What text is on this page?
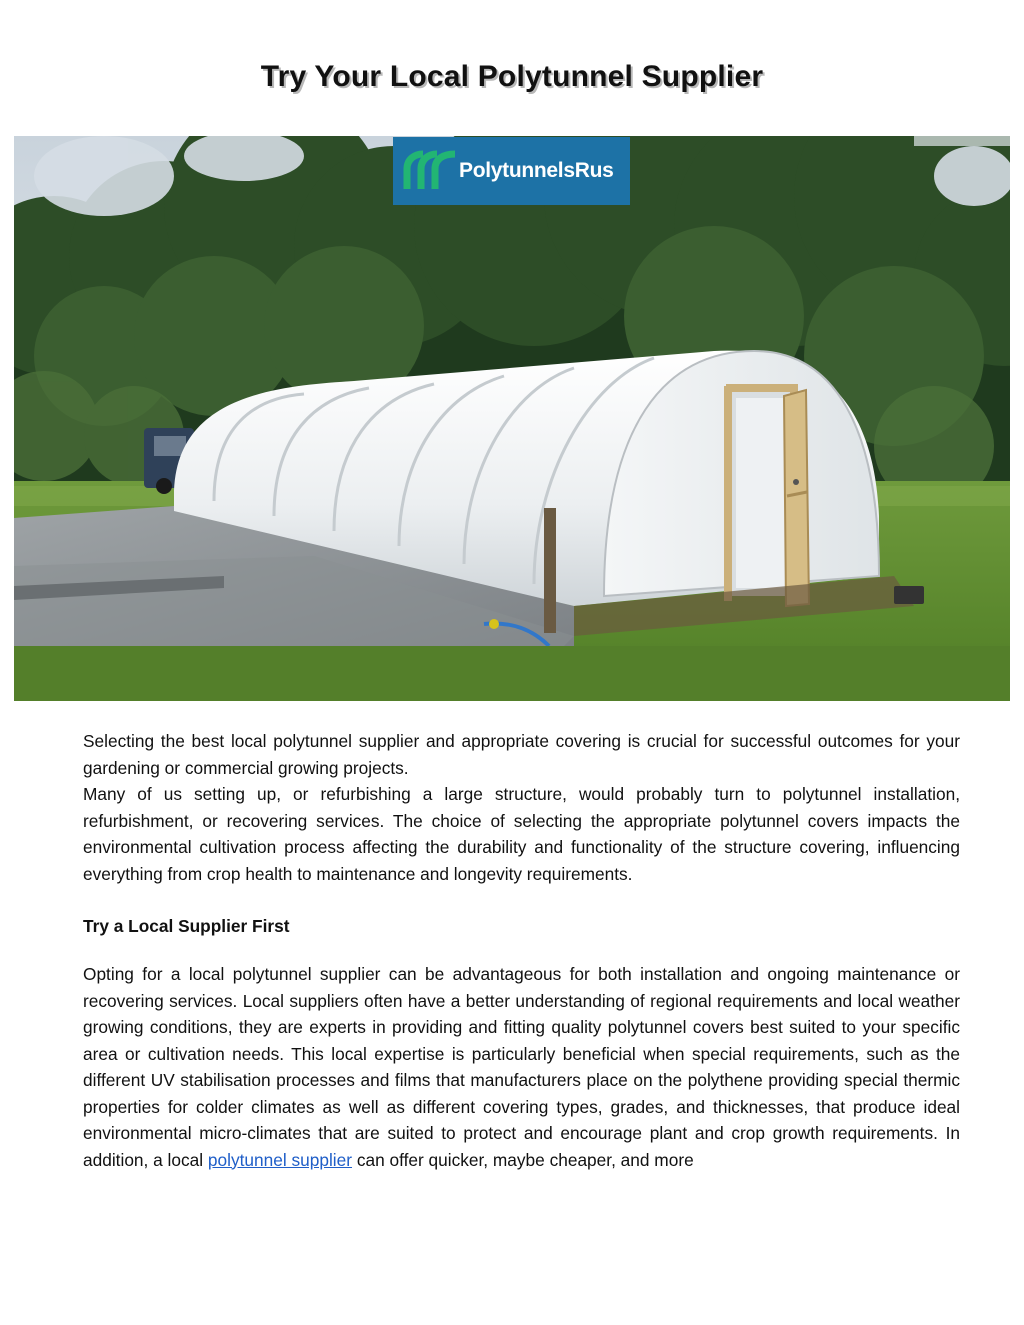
Try Your Local Polytunnel Supplier
PolytunnelsRus

Selecting the best local polytunnel supplier and appropriate covering is crucial for successful outcomes for your gardening or commercial growing projects.

Many of us setting up, or refurbishing a large structure, would probably turn to polytunnel installation, refurbishment, or recovering services. The choice of selecting the appropriate polytunnel covers impacts the environmental cultivation process affecting the durability and functionality of the structure covering, influencing everything from crop health to maintenance and longevity requirements.

Try a Local Supplier First

Opting for a local polytunnel supplier can be advantageous for both installation and ongoing maintenance or recovering services. Local suppliers often have a better understanding of regional requirements and local weather growing conditions, they are experts in providing and fitting quality polytunnel covers best suited to your specific area or cultivation needs. This local expertise is particularly beneficial when special requirements, such as the different UV stabilisation processes and films that manufacturers place on the polythene providing special thermic properties for colder climates as well as different covering types, grades, and thicknesses, that produce ideal environmental micro-climates that are suited to protect and encourage plant and crop growth requirements. In addition, a local polytunnel supplier can offer quicker, maybe cheaper, and more
